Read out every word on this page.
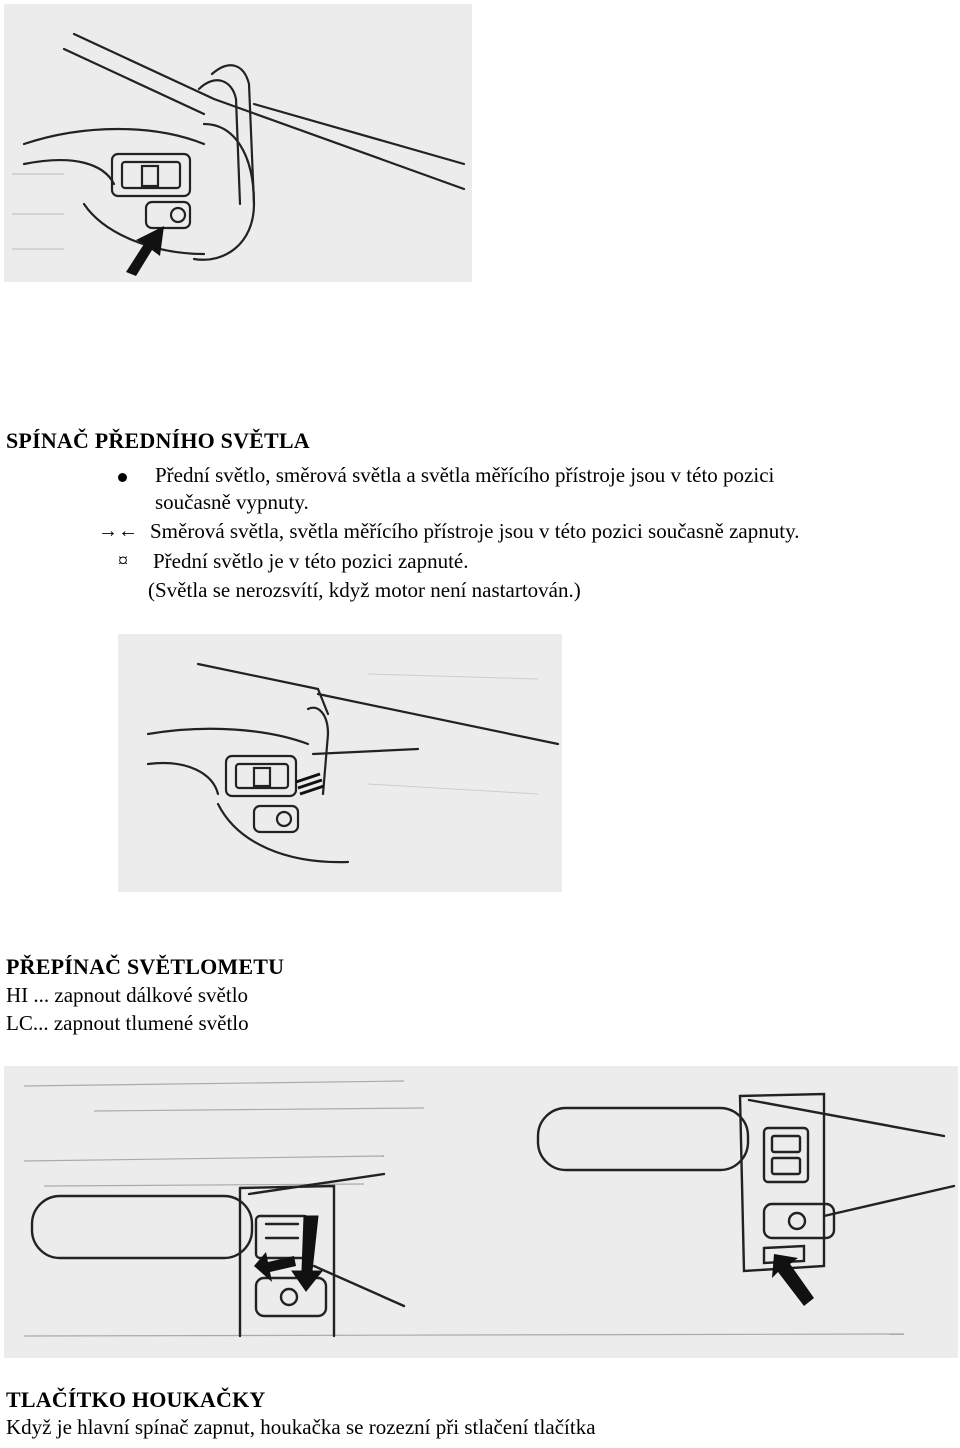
SPÍNAČ PŘEDNÍHO SVĚTLA

Přední světlo, směrová světla a světla měřícího přístroje jsou v této pozici

současně vypnuty.

→← Směrová světla, světla měřícího přístroje jsou v této pozici současně zapnuty.

¤ Přední světlo je v této pozici zapnuté.

(Světla se nerozsvítí, když motor není nastartován.)

PŘEPÍNAČ SVĚTLOMETU

HI ... zapnout dálkové světlo

LC... zapnout tlumené světlo

TLAČÍTKO HOUKAČKY

Když je hlavní spínač zapnut, houkačka se rozezní při stlačení tlačítka
